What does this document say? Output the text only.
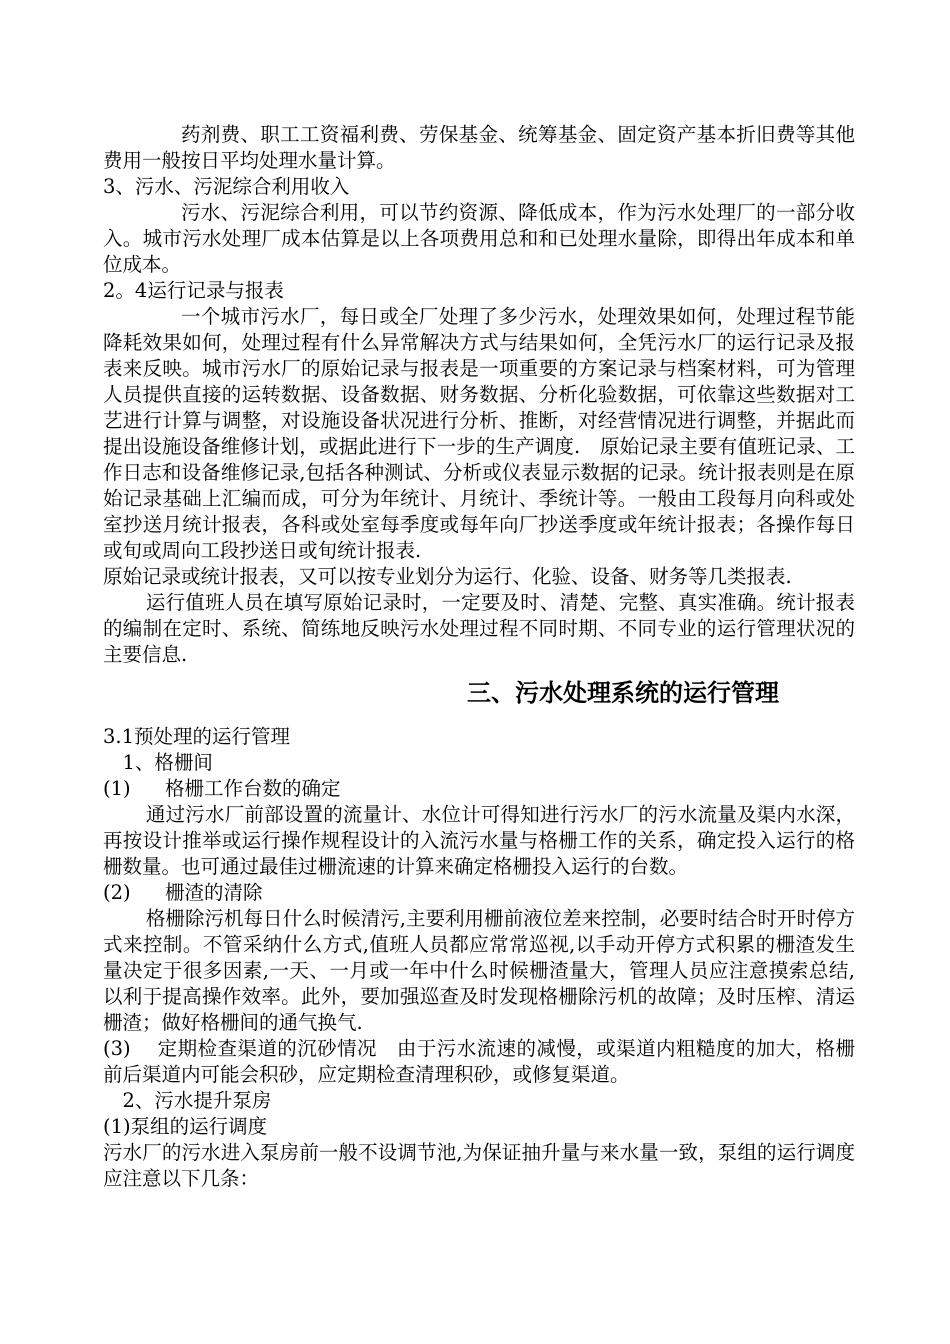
药剂费、职工工资福利费、劳保基金、统筹基金、固定资产基本折旧费等其他费用一般按日平均处理水量计算。

3、污水、污泥综合利用收入

污水、污泥综合利用，可以节约资源、降低成本，作为污水处理厂的一部分收入。城市污水处理厂成本估算是以上各项费用总和和已处理水量除，即得出年成本和单位成本。

2。4运行记录与报表

一个城市污水厂，每日或全厂处理了多少污水，处理效果如何，处理过程节能降耗效果如何，处理过程有什么异常解决方式与结果如何，全凭污水厂的运行记录及报表来反映。城市污水厂的原始记录与报表是一项重要的方案记录与档案材料，可为管理人员提供直接的运转数据、设备数据、财务数据、分析化验数据，可依靠这些数据对工艺进行计算与调整，对设施设备状况进行分析、推断，对经营情况进行调整，并据此而提出设施设备维修计划，或据此进行下一步的生产调度.　原始记录主要有值班记录、工作日志和设备维修记录,包括各种测试、分析或仪表显示数据的记录。统计报表则是在原始记录基础上汇编而成，可分为年统计、月统计、季统计等。一般由工段每月向科或处室抄送月统计报表，各科或处室每季度或每年向厂抄送季度或年统计报表；各操作每日或旬或周向工段抄送日或旬统计报表.

原始记录或统计报表，又可以按专业划分为运行、化验、设备、财务等几类报表.

运行值班人员在填写原始记录时，一定要及时、清楚、完整、真实准确。统计报表的编制在定时、系统、简练地反映污水处理过程不同时期、不同专业的运行管理状况的主要信息.

三、污水处理系统的运行管理

3.1预处理的运行管理

1、格栅间

(1)	格栅工作台数的确定

通过污水厂前部设置的流量计、水位计可得知进行污水厂的污水流量及渠内水深，再按设计推举或运行操作规程设计的入流污水量与格栅工作的关系，确定投入运行的格栅数量。也可通过最佳过栅流速的计算来确定格栅投入运行的台数。

(2)	栅渣的清除

格栅除污机每日什么时候清污,主要利用栅前液位差来控制，必要时结合时开时停方式来控制。不管采纳什么方式,值班人员都应常常巡视,以手动开停方式积累的栅渣发生量决定于很多因素,一天、一月或一年中什么时候栅渣量大，管理人员应注意摸索总结,以利于提高操作效率。此外，要加强巡查及时发现格栅除污机的故障；及时压榨、清运栅渣；做好格栅间的通气换气.

(3)　 定期检查渠道的沉砂情况　由于污水流速的减慢，或渠道内粗糙度的加大，格栅前后渠道内可能会积砂，应定期检查清理积砂，或修复渠道。

2、污水提升泵房

(1)泵组的运行调度

污水厂的污水进入泵房前一般不设调节池,为保证抽升量与来水量一致，泵组的运行调度应注意以下几条：
